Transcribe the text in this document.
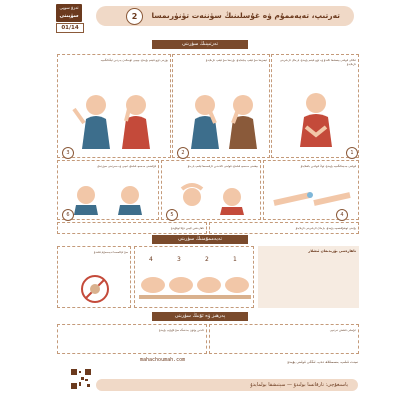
ئەزۇ سوپى
سۈپىتى
01/14
تەرتىپ، تەيەممۇم ۋە غۇسلىنىڭ سۈننەت تۈنۈرىمسا
2
تەرتىپنىڭ سۈرىتى
يۈزىنى ئۈچ قېتىم يۇيىدۇ، چېچى ئۆسكەن يەردىن ئېڭىكىگىچە
3
ئېغىزىغا سۇ ئېلىپ چايقايدۇ، بۇرنىغا سۇ ئېلىپ تازىلايدۇ
2
ئىككى قولىنى بېغىشقا ئالىدۇ ۋە ئۈچ قېتىم يۇيىدۇ، بارماق ئارىلىرىنى تازىلايدۇ
1
قۇلىقىنى مەسىھ قىلىدۇ، ئىچى ۋە سىرتىنى سۈرتىدۇ
6
بېشىنى مەسىھ قىلىدۇ، قولىنى ئالدىدىن ئارقىسىغا ئېلىپ بارىدۇ
5
قولىنى جەينىكىگىچە يۇيىدۇ، ئوڭ قولدىن باشلايدۇ
4
تاھارەتتىن كېيىن دۇئا ئوقۇيدۇ	پۇتىنى ئوشۇقىغىچە يۇيىدۇ، بارماق ئارىلىرىنى تازىلايدۇ
تەيەممۇمنىڭ سۈرىتى
سۇ تاپالمىسا تەيەممۇم قىلىدۇ
4	3	2	1
تاھارەتنى بۇزىدىغان ئىشلار
پەرھىز ۋە ئۇنىڭ سۈرىتى
ئاندىن پۈتۈن بەدىنىگە سۇ قۇيۇپ يۇيىدۇ	غۇسلى قىلىش تەرتىپى
نىيەت قىلىپ، بىسمىللاھ دەپ، ئىككى قولىنى يۇيىدۇ
mahachoumah.com
ياسىغۇچى: تارقاتسا بولىدۇ — سېتىشقا بولمايدۇ
